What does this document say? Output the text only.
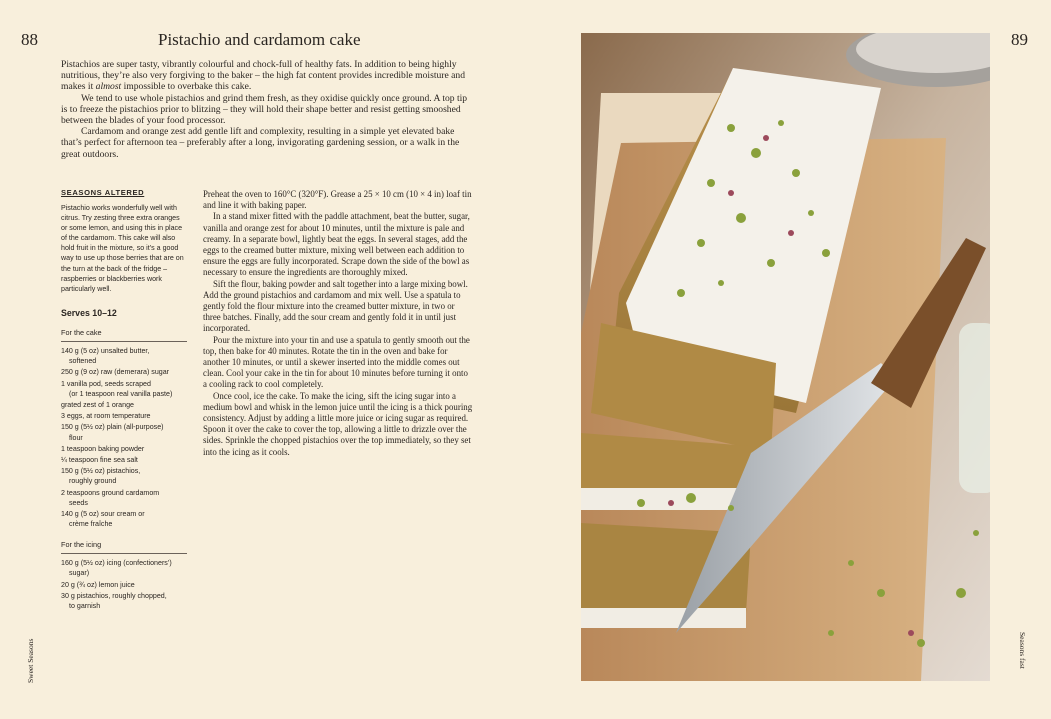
88	Pistachio and cardamom cake

Pistachios are super tasty, vibrantly colourful and chock-full of healthy fats. In addition to being highly nutritious, they’re also very forgiving to the baker – the high fat content provides incredible moisture and makes it almost impossible to overbake this cake.

We tend to use whole pistachios and grind them fresh, as they oxidise quickly once ground. A top tip is to freeze the pistachios prior to blitzing – they will hold their shape better and resist getting smooshed between the blades of your food processor.

Cardamom and orange zest add gentle lift and complexity, resulting in a simple yet elevated bake that’s perfect for afternoon tea – preferably after a long, invigorating gardening session, or a walk in the great outdoors.

SEASONS ALTERED

Pistachio works wonderfully well with citrus. Try zesting three extra oranges or some lemon, and using this in place of the cardamom. This cake will also hold fruit in the mixture, so it’s a good way to use up those berries that are on the turn at the back of the fridge – raspberries or blackberries work particularly well.

Serves 10–12
For the cake
140 g (5 oz) unsalted butter,
softened
250 g (9 oz) raw (demerara) sugar
1 vanilla pod, seeds scraped
(or 1 teaspoon real vanilla paste)
grated zest of 1 orange
3 eggs, at room temperature
150 g (5½ oz) plain (all-purpose)
flour
1 teaspoon baking powder
¼ teaspoon fine sea salt
150 g (5½ oz) pistachios,
roughly ground
2 teaspoons ground cardamom
seeds
140 g (5 oz) sour cream or
crème fraîche
For the icing
160 g (5½ oz) icing (confectioners’)
sugar)
20 g (¾ oz) lemon juice
30 g pistachios, roughly chopped,
to garnish

Preheat the oven to 160°C (320°F). Grease a 25 × 10 cm (10 × 4 in) loaf tin and line it with baking paper.

In a stand mixer fitted with the paddle attachment, beat the butter, sugar, vanilla and orange zest for about 10 minutes, until the mixture is pale and creamy. In a separate bowl, lightly beat the eggs. In several stages, add the eggs to the creamed butter mixture, mixing well between each addition to ensure the eggs are fully incorporated. Scrape down the side of the bowl as necessary to ensure the ingredients are thoroughly mixed.

Sift the flour, baking powder and salt together into a large mixing bowl. Add the ground pistachios and cardamom and mix well. Use a spatula to gently fold the flour mixture into the creamed butter mixture, in two or three batches. Finally, add the sour cream and gently fold it in until just incorporated.

Pour the mixture into your tin and use a spatula to gently smooth out the top, then bake for 40 minutes. Rotate the tin in the oven and bake for another 10 minutes, or until a skewer inserted into the middle comes out clean. Cool your cake in the tin for about 10 minutes before turning it onto a cooling rack to cool completely.

Once cool, ice the cake. To make the icing, sift the icing sugar into a medium bowl and whisk in the lemon juice until the icing is a thick pouring consistency. Adjust by adding a little more juice or icing sugar as required. Spoon it over the cake to cover the top, allowing a little to drizzle over the sides. Sprinkle the chopped pistachios over the top immediately, so they set into the icing as it cools.

Sweet Seasons
89
Seasons fast
